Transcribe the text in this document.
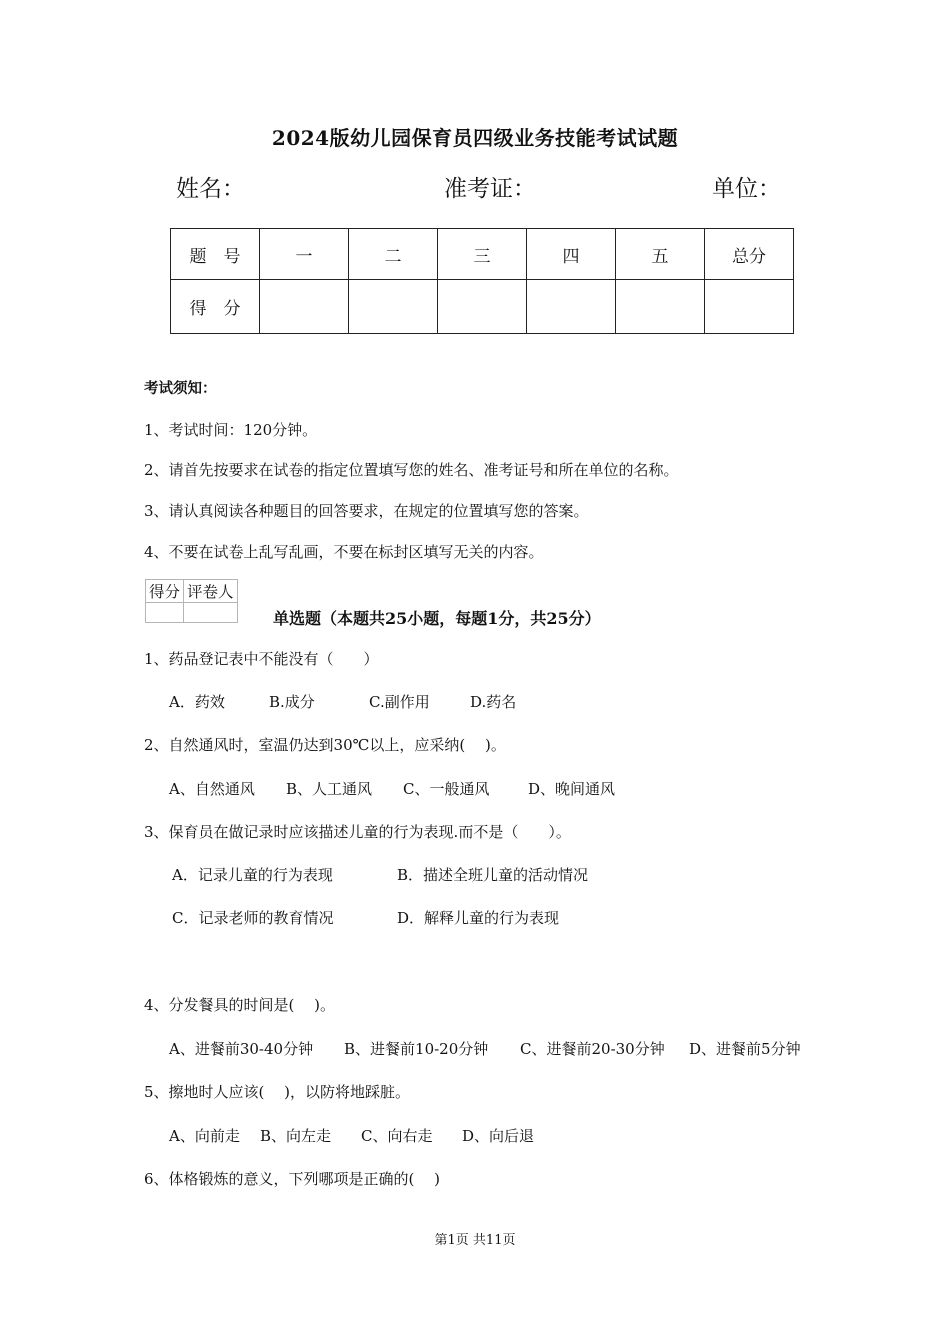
2024版幼儿园保育员四级业务技能考试试题
姓名：	准考证：	单位：
题　号	一	二	三	四	五	总分
得　分						
考试须知：
1、考试时间：120分钟。
2、请首先按要求在试卷的指定位置填写您的姓名、准考证号和所在单位的名称。
3、请认真阅读各种题目的回答要求，在规定的位置填写您的答案。
4、不要在试卷上乱写乱画，不要在标封区填写无关的内容。
得分	评卷人

单选题（本题共25小题，每题1分，共25分）
1、药品登记表中不能没有（　　）
A．药效	B.成分	C.副作用	D.药名
2、自然通风时，室温仍达到30℃以上，应采纳(　 )。
A、自然通风 B、人工通风 C、一般通风	D、晚间通风
3、保育员在做记录时应该描述儿童的行为表现.而不是（　　）。
A．记录儿童的行为表现	B．描述全班儿童的活动情况
C．记录老师的教育情况	D．解释儿童的行为表现
4、分发餐具的时间是(　 )。
A、进餐前30-40分钟 B、进餐前10-20分钟 C、进餐前20-30分钟 D、进餐前5分钟
5、擦地时人应该(　 )，以防将地踩脏。
A、向前走 B、向左走 C、向右走 D、向后退
6、体格锻炼的意义，下列哪项是正确的(　 )
第1页 共11页
